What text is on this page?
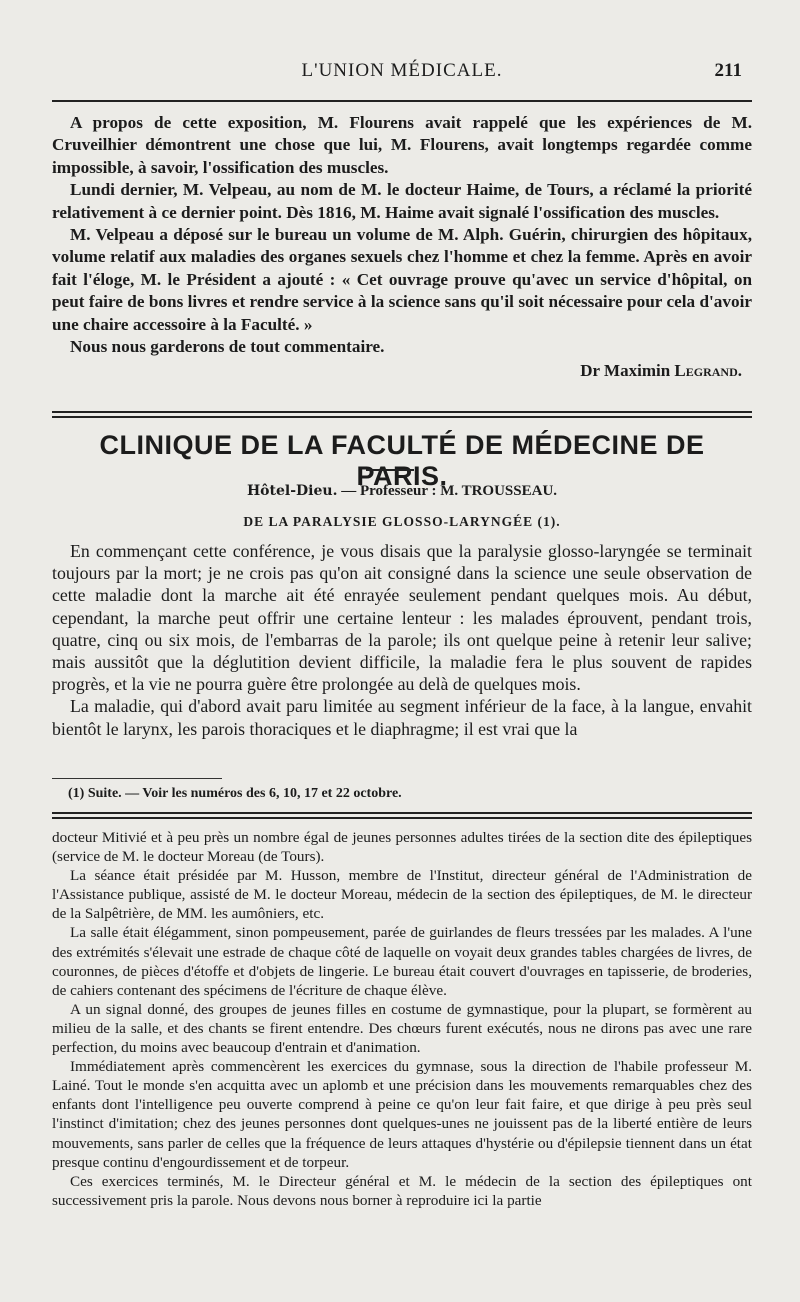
L'UNION MÉDICALE.	211

A propos de cette exposition, M. Flourens avait rappelé que les expériences de M. Cruveilhier démontrent une chose que lui, M. Flourens, avait longtemps regardée comme impossible, à savoir, l'ossification des muscles.

Lundi dernier, M. Velpeau, au nom de M. le docteur Haime, de Tours, a réclamé la priorité relativement à ce dernier point. Dès 1816, M. Haime avait signalé l'ossification des muscles.

M. Velpeau a déposé sur le bureau un volume de M. Alph. Guérin, chirurgien des hôpitaux, volume relatif aux maladies des organes sexuels chez l'homme et chez la femme. Après en avoir fait l'éloge, M. le Président a ajouté : « Cet ouvrage prouve qu'avec un service d'hôpital, on peut faire de bons livres et rendre service à la science sans qu'il soit nécessaire pour cela d'avoir une chaire accessoire à la Faculté. »

Nous nous garderons de tout commentaire.

Dr Maximin Legrand.
CLINIQUE DE LA FACULTÉ DE MÉDECINE DE PARIS.
Hôtel-Dieu. — Professeur : M. TROUSSEAU.
DE LA PARALYSIE GLOSSO-LARYNGÉE (1).

En commençant cette conférence, je vous disais que la paralysie glosso-laryngée se terminait toujours par la mort; je ne crois pas qu'on ait consigné dans la science une seule observation de cette maladie dont la marche ait été enrayée seulement pendant quelques mois. Au début, cependant, la marche peut offrir une certaine lenteur : les malades éprouvent, pendant trois, quatre, cinq ou six mois, de l'embarras de la parole; ils ont quelque peine à retenir leur salive; mais aussitôt que la déglutition devient difficile, la maladie fera le plus souvent de rapides progrès, et la vie ne pourra guère être prolongée au delà de quelques mois.

La maladie, qui d'abord avait paru limitée au segment inférieur de la face, à la langue, envahit bientôt le larynx, les parois thoraciques et le diaphragme; il est vrai que la

(1) Suite. — Voir les numéros des 6, 10, 17 et 22 octobre.

docteur Mitivié et à peu près un nombre égal de jeunes personnes adultes tirées de la section dite des épileptiques (service de M. le docteur Moreau (de Tours).

La séance était présidée par M. Husson, membre de l'Institut, directeur général de l'Administration de l'Assistance publique, assisté de M. le docteur Moreau, médecin de la section des épileptiques, de M. le directeur de la Salpêtrière, de MM. les aumôniers, etc.

La salle était élégamment, sinon pompeusement, parée de guirlandes de fleurs tressées par les malades. A l'une des extrémités s'élevait une estrade de chaque côté de laquelle on voyait deux grandes tables chargées de livres, de couronnes, de pièces d'étoffe et d'objets de lingerie. Le bureau était couvert d'ouvrages en tapisserie, de broderies, de cahiers contenant des spécimens de l'écriture de chaque élève.

A un signal donné, des groupes de jeunes filles en costume de gymnastique, pour la plupart, se formèrent au milieu de la salle, et des chants se firent entendre. Des chœurs furent exécutés, nous ne dirons pas avec une rare perfection, du moins avec beaucoup d'entrain et d'animation.

Immédiatement après commencèrent les exercices du gymnase, sous la direction de l'habile professeur M. Lainé. Tout le monde s'en acquitta avec un aplomb et une précision dans les mouvements remarquables chez des enfants dont l'intelligence peu ouverte comprend à peine ce qu'on leur fait faire, et que dirige à peu près seul l'instinct d'imitation; chez des jeunes personnes dont quelques-unes ne jouissent pas de la liberté entière de leurs mouvements, sans parler de celles que la fréquence de leurs attaques d'hystérie ou d'épilepsie tiennent dans un état presque continu d'engourdissement et de torpeur.

Ces exercices terminés, M. le Directeur général et M. le médecin de la section des épileptiques ont successivement pris la parole. Nous devons nous borner à reproduire ici la partie
